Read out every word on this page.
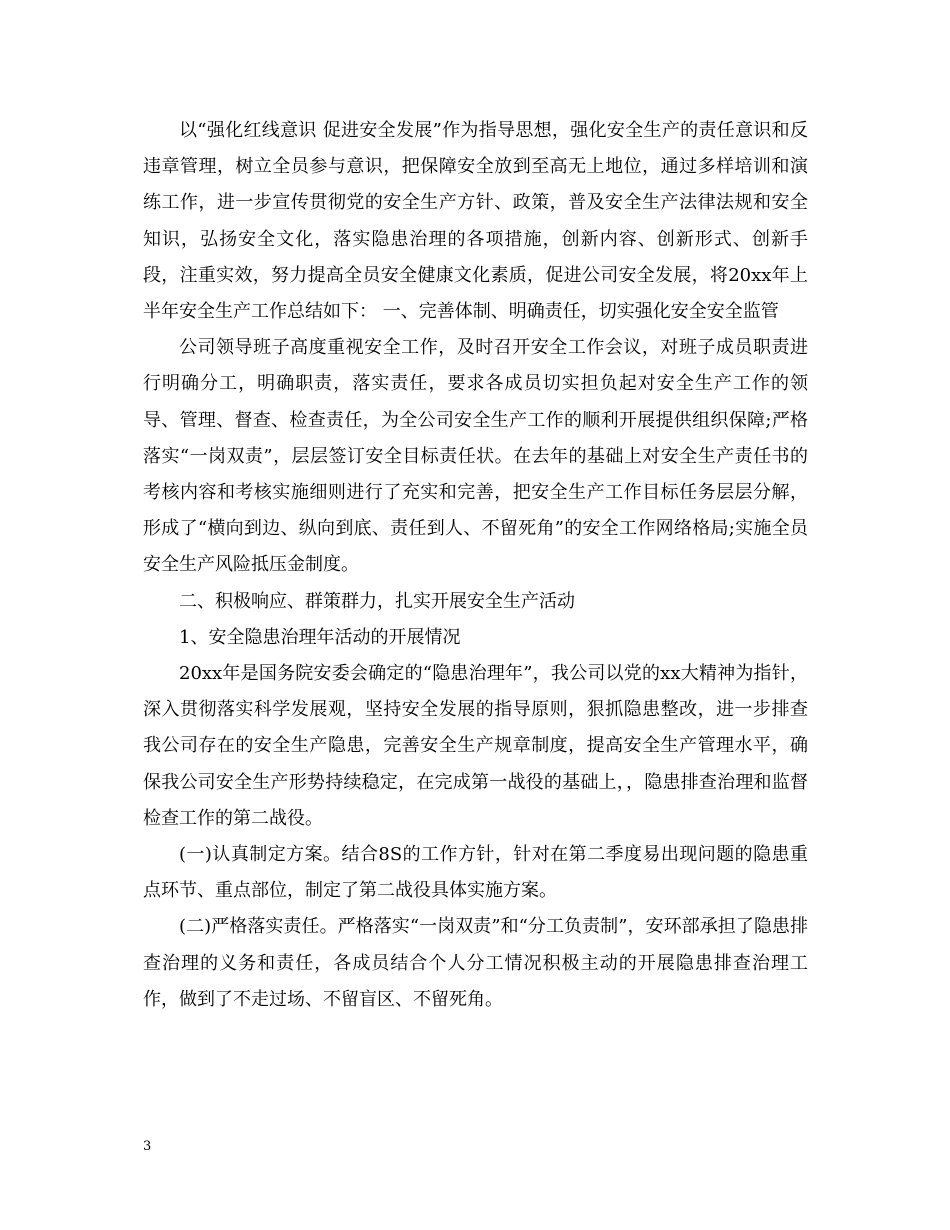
以“强化红线意识 促进安全发展”作为指导思想，强化安全生产的责任意识和反违章管理，树立全员参与意识，把保障安全放到至高无上地位，通过多样培训和演练工作，进一步宣传贯彻党的安全生产方针、政策，普及安全生产法律法规和安全知识，弘扬安全文化，落实隐患治理的各项措施，创新内容、创新形式、创新手段，注重实效，努力提高全员安全健康文化素质，促进公司安全发展，将20xx年上半年安全生产工作总结如下： 一、完善体制、明确责任，切实强化安全安全监管

公司领导班子高度重视安全工作，及时召开安全工作会议，对班子成员职责进行明确分工，明确职责，落实责任，要求各成员切实担负起对安全生产工作的领导、管理、督查、检查责任，为全公司安全生产工作的顺利开展提供组织保障;严格落实“一岗双责”，层层签订安全目标责任状。在去年的基础上对安全生产责任书的考核内容和考核实施细则进行了充实和完善，把安全生产工作目标任务层层分解，形成了“横向到边、纵向到底、责任到人、不留死角”的安全工作网络格局;实施全员安全生产风险抵压金制度。

二、积极响应、群策群力，扎实开展安全生产活动

1、安全隐患治理年活动的开展情况

20xx年是国务院安委会确定的“隐患治理年”，我公司以党的xx大精神为指针，深入贯彻落实科学发展观，坚持安全发展的指导原则，狠抓隐患整改，进一步排查我公司存在的安全生产隐患，完善安全生产规章制度，提高安全生产管理水平，确保我公司安全生产形势持续稳定，在完成第一战役的基础上，，隐患排查治理和监督检查工作的第二战役。

(一)认真制定方案。结合8S的工作方针，针对在第二季度易出现问题的隐患重点环节、重点部位，制定了第二战役具体实施方案。

(二)严格落实责任。严格落实“一岗双责”和“分工负责制”，安环部承担了隐患排查治理的义务和责任，各成员结合个人分工情况积极主动的开展隐患排查治理工作，做到了不走过场、不留盲区、不留死角。

3
